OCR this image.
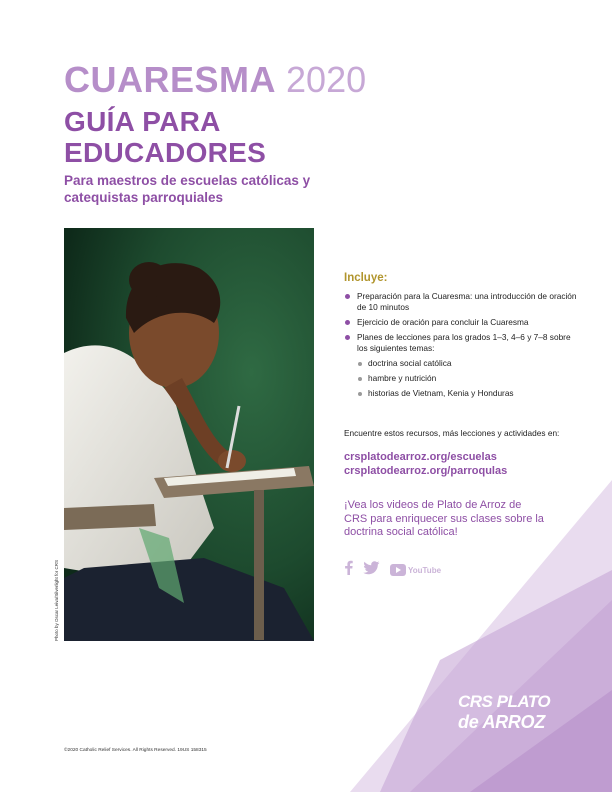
CUARESMA 2020
GUÍA PARA EDUCADORES
Para maestros de escuelas católicas y catequistas parroquiales
Photo by Oscar Leiva/Silverlight for CRS
Incluye:
Preparación para la Cuaresma: una introducción de oración de 10 minutos
Ejercicio de oración para concluir la Cuaresma
Planes de lecciones para los grados 1–3, 4–6 y 7–8 sobre los siguientes temas:
doctrina social católica
hambre y nutrición
historias de Vietnam, Kenia y Honduras
Encuentre estos recursos, más lecciones y actividades en:
crsplatodearroz.org/escuelas
crsplatodearroz.org/parroqulas
¡Vea los videos de Plato de Arroz de CRS para enriquecer sus clases sobre la doctrina social católica!
YouTube
CRS PLATO
de ARROZ
©2020 Catholic Relief Services. All Rights Reserved. 19US 158315
